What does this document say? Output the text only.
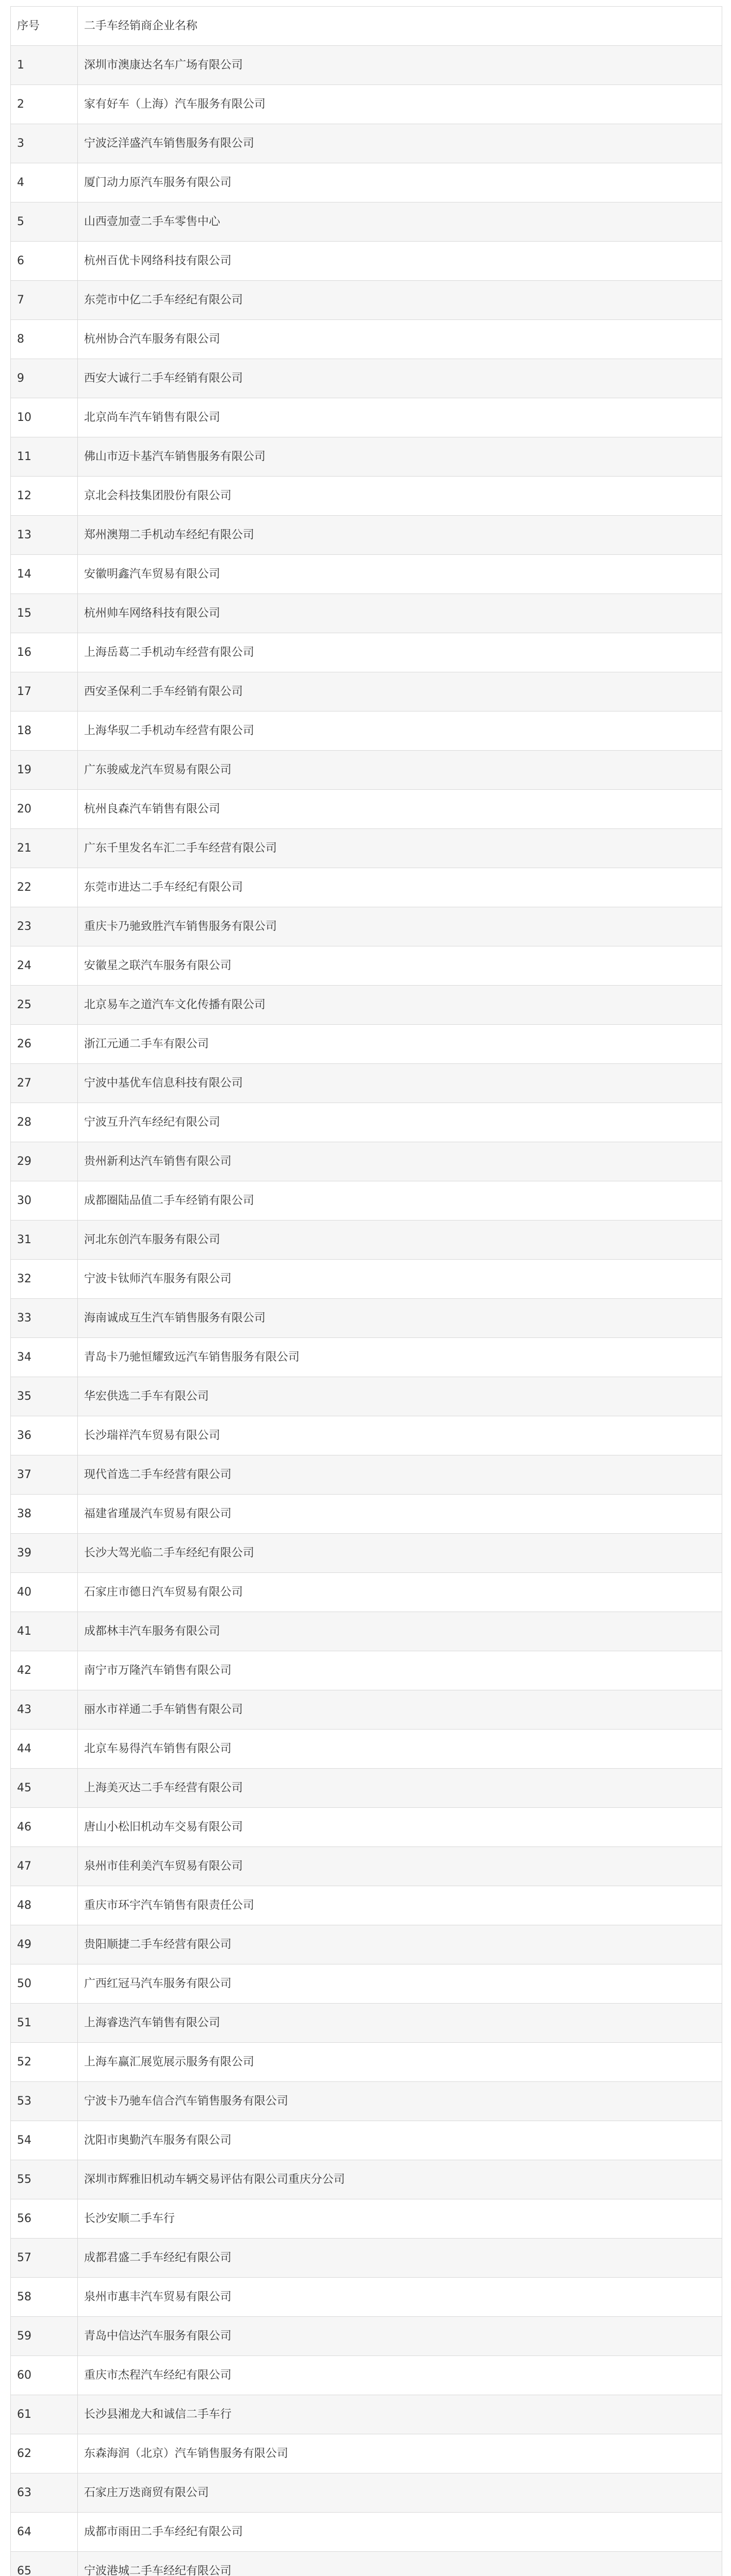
序号	二手车经销商企业名称
1	深圳市澳康达名车广场有限公司
2	家有好车（上海）汽车服务有限公司
3	宁波泛洋盛汽车销售服务有限公司
4	厦门动力原汽车服务有限公司
5	山西壹加壹二手车零售中心
6	杭州百优卡网络科技有限公司
7	东莞市中亿二手车经纪有限公司
8	杭州协合汽车服务有限公司
9	西安大诚行二手车经销有限公司
10	北京尚车汽车销售有限公司
11	佛山市迈卡基汽车销售服务有限公司
12	京北会科技集团股份有限公司
13	郑州澳翔二手机动车经纪有限公司
14	安徽明鑫汽车贸易有限公司
15	杭州帅车网络科技有限公司
16	上海岳葛二手机动车经营有限公司
17	西安圣保利二手车经销有限公司
18	上海华驭二手机动车经营有限公司
19	广东骏威龙汽车贸易有限公司
20	杭州良森汽车销售有限公司
21	广东千里发名车汇二手车经营有限公司
22	东莞市进达二手车经纪有限公司
23	重庆卡乃驰致胜汽车销售服务有限公司
24	安徽星之联汽车服务有限公司
25	北京易车之道汽车文化传播有限公司
26	浙江元通二手车有限公司
27	宁波中基优车信息科技有限公司
28	宁波互升汽车经纪有限公司
29	贵州新利达汽车销售有限公司
30	成都圈陆品值二手车经销有限公司
31	河北东创汽车服务有限公司
32	宁波卡钛师汽车服务有限公司
33	海南诚成互生汽车销售服务有限公司
34	青岛卡乃驰恒耀致远汽车销售服务有限公司
35	华宏供选二手车有限公司
36	长沙瑞祥汽车贸易有限公司
37	现代首选二手车经营有限公司
38	福建省瑾晟汽车贸易有限公司
39	长沙大驾光临二手车经纪有限公司
40	石家庄市德日汽车贸易有限公司
41	成都林丰汽车服务有限公司
42	南宁市万隆汽车销售有限公司
43	丽水市祥通二手车销售有限公司
44	北京车易得汽车销售有限公司
45	上海美灭达二手车经营有限公司
46	唐山小松旧机动车交易有限公司
47	泉州市佳利美汽车贸易有限公司
48	重庆市环宇汽车销售有限责任公司
49	贵阳顺捷二手车经营有限公司
50	广西红冠马汽车服务有限公司
51	上海睿迭汽车销售有限公司
52	上海车赢汇展览展示服务有限公司
53	宁波卡乃驰车信合汽车销售服务有限公司
54	沈阳市奥勤汽车服务有限公司
55	深圳市辉雅旧机动车辆交易评估有限公司重庆分公司
56	长沙安顺二手车行
57	成都君盛二手车经纪有限公司
58	泉州市惠丰汽车贸易有限公司
59	青岛中信达汽车服务有限公司
60	重庆市杰程汽车经纪有限公司
61	长沙县湘龙大和诚信二手车行
62	东森海润（北京）汽车销售服务有限公司
63	石家庄万迭商贸有限公司
64	成都市雨田二手车经纪有限公司
65	宁波港城二手车经纪有限公司
